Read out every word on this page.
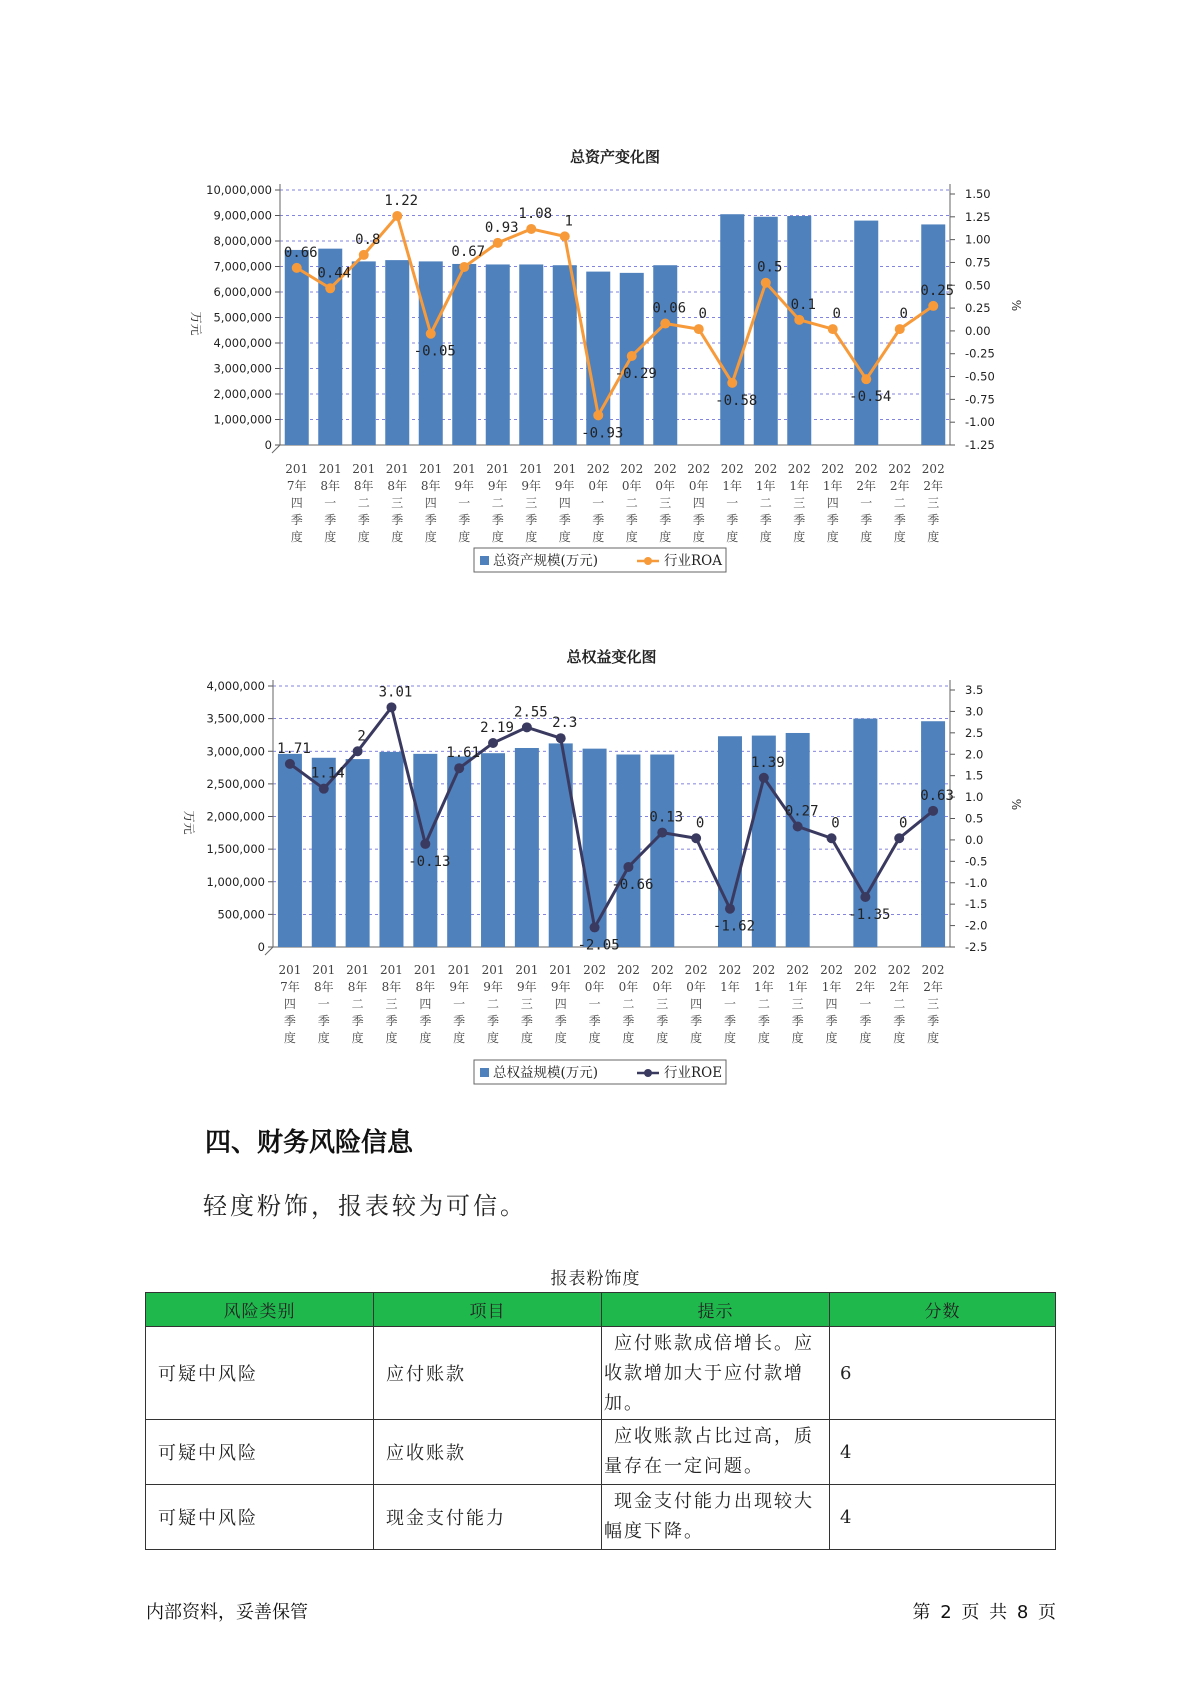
总资产变化图
10,000,000
9,000,000
8,000,000
7,000,000
6,000,000
5,000,000
4,000,000
3,000,000
2,000,000
1,000,000
0
1.50
1.25
1.00
0.75
0.50
0.25
0.00
-0.25
-0.50
-0.75
-1.00
-1.25
万元
%
0.66
0.44
0.8
1.22
-0.05
0.67
0.93
1.08 1
-0.93
-0.29
0.06 0
-0.58
0.5
0.1
0
-0.54
0
0.25
201
7年
四
季
度
201
8年
一
季
度
201
8年
二
季
度
201
8年
三
季
度
201
8年
四
季
度
201
9年
一
季
度
201
9年
二
季
度
201
9年
三
季
度
201
9年
四
季
度
202
0年
一
季
度
202
0年
二
季
度
202
0年
三
季
度
202
0年
四
季
度
202
1年
一
季
度
202
1年
二
季
度
202
1年
三
季
度
202
1年
四
季
度
202
2年
一
季
度
202
2年
二
季
度
202
2年
三
季
度
总资产规模(万元)	行业ROA
总权益变化图
4,000,000
3,500,000
3,000,000
2,500,000
2,000,000
1,500,000
1,000,000
500,000
0
3.5
3.0
2.5
2.0
1.5
1.0
0.5
0.0
-0.5
-1.0
-1.5
-2.0
-2.5
万元
%
1.71
1.14
2
3.01
-0.13
1.61
2.19
2.55
2.3
-2.05
-0.66
0.13 0
-1.62
1.39
0.27
0
-1.35
0
0.63
201
7年
四
季
度
201
8年
一
季
度
201
8年
二
季
度
201
8年
三
季
度
201
8年
四
季
度
201
9年
一
季
度
201
9年
二
季
度
201
9年
三
季
度
201
9年
四
季
度
202
0年
一
季
度
202
0年
二
季
度
202
0年
三
季
度
202
0年
四
季
度
202
1年
一
季
度
202
1年
二
季
度
202
1年
三
季
度
202
1年
四
季
度
202
2年
一
季
度
202
2年
二
季
度
202
2年
三
季
度
总权益规模(万元)	行业ROE
四、财务风险信息

轻度粉饰，报表较为可信。

报表粉饰度
风险类别	项目	提示	分数
可疑中风险	应付账款	应付账款成倍增长。应收款增加大于应付款增加。	6
可疑中风险	应收账款	应收账款占比过高，质量存在一定问题。	4
可疑中风险	现金支付能力	现金支付能力出现较大幅度下降。	4
内部资料，妥善保管	第 2 页 共 8 页
